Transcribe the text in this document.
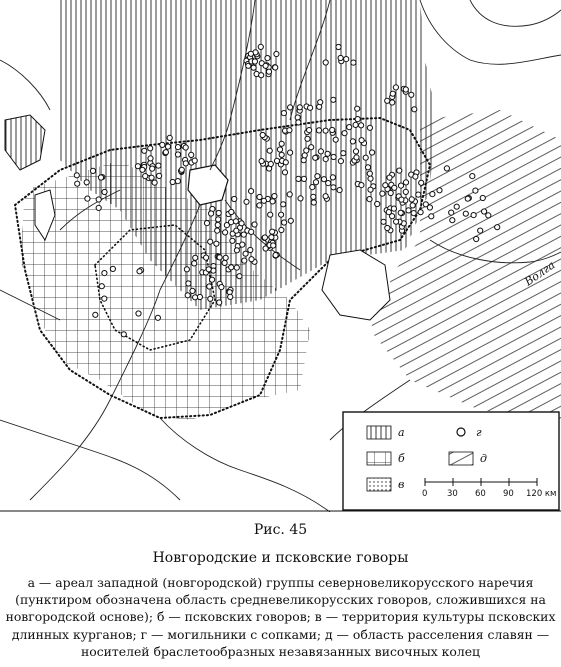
Волга
а
б
в
г
д
0 30 60 90 120 км
Рис. 45
Новгородские и псковские говоры
а — ареал западной (новгородской) группы северновеликорусского наречия (пунктиром обозначена область средневеликорусских говоров, сложившихся на новгородской основе); б — псковских говоров; в — территория культуры псковских длинных курганов; г — могильники с сопками; д — область расселения славян — носителей браслетообразных незавязанных височных колец
